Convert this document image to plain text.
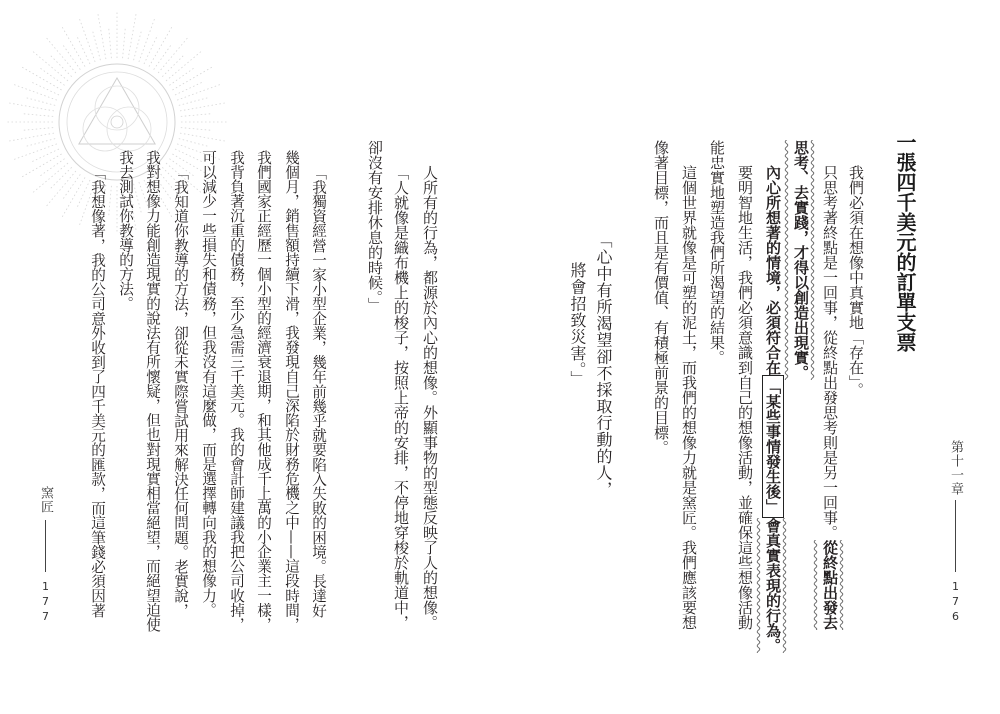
人所有的行為，都源於內心的想像。外顯事物的型態反映了人的想像。
「人就像是織布機上的梭子，按照上帝的安排，不停地穿梭於軌道中，
卻沒有安排休息的時候。」
「我獨資經營一家小型企業，幾年前幾乎就要陷入失敗的困境。長達好
幾個月，銷售額持續下滑，我發現自己深陷於財務危機之中——這段時間，
我們國家正經歷一個小型的經濟衰退期，和其他成千上萬的小企業主一樣，
我背負著沉重的債務，至少急需三千美元。我的會計師建議我把公司收掉，
可以減少一些損失和債務，但我沒有這麼做，而是選擇轉向我的想像力。
「我知道你教導的方法，卻從未實際嘗試用來解決任何問題。老實說，
我對想像力能創造現實的說法有所懷疑，但也對現實相當絕望，而絕望迫使
我去測試你教導的方法。
「我想像著，我的公司意外收到了四千美元的匯款，而這筆錢必須因著
窯匠
177
一張四千美元的訂單支票
我們必須在想像中真實地「存在」。
只思考著終點是一回事，從終點出發思考則是另一回事。從終點出發去
思考、去實踐，才得以創造出現實。
內心所想著的情境，必須符合在「某些事情發生後」會真實表現的行為。
要明智地生活，我們必須意識到自己的想像活動，並確保這些想像活動
能忠實地塑造我們所渴望的結果。
這個世界就像是可塑的泥土，而我們的想像力就是窯匠。我們應該要想
像著目標，而且是有價值、有積極前景的目標。
「心中有所渴望卻不採取行動的人，
將會招致災害。」
第十一章
176
